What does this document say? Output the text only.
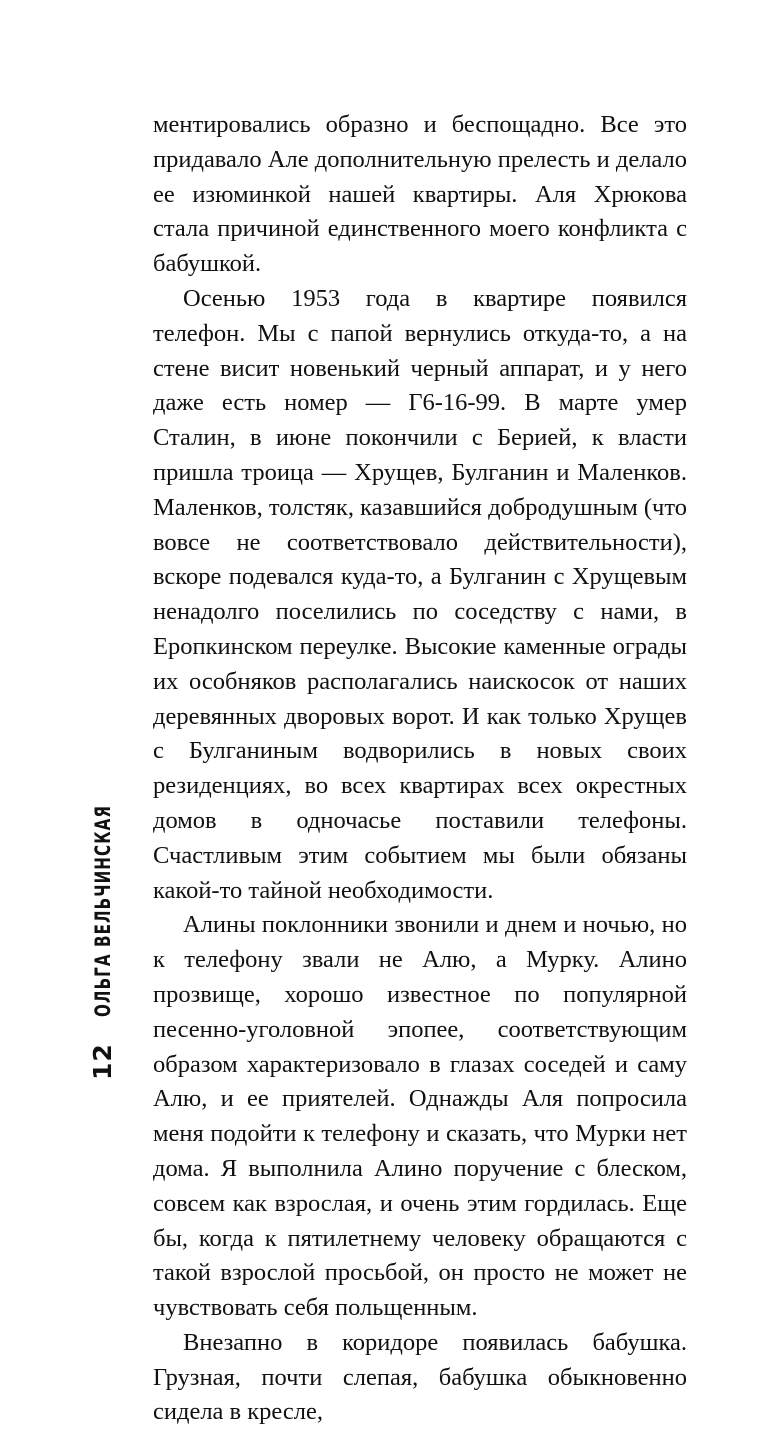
ментировались образно и беспощадно. Все это придавало Але дополнительную прелесть и делало ее изюминкой нашей квартиры. Аля Хрюкова стала причиной единственного моего конфликта с бабушкой.

Осенью 1953 года в квартире появился телефон. Мы с папой вернулись откуда-то, а на стене висит новенький черный аппарат, и у него даже есть номер — Г6-16-99. В марте умер Сталин, в июне покончили с Берией, к власти пришла троица — Хрущев, Булганин и Маленков. Маленков, толстяк, казавшийся добродушным (что вовсе не соответствовало действительности), вскоре подевался куда-то, а Булганин с Хрущевым ненадолго поселились по соседству с нами, в Еропкинском переулке. Высокие каменные ограды их особняков располагались наискосок от наших деревянных дворовых ворот. И как только Хрущев с Булганиным водворились в новых своих резиденциях, во всех квартирах всех окрестных домов в одночасье поставили телефоны. Счастливым этим событием мы были обязаны какой-то тайной необходимости.

Алины поклонники звонили и днем и ночью, но к телефону звали не Алю, а Мурку. Алино прозвище, хорошо известное по популярной песенно-уголовной эпопее, соответствующим образом характеризовало в глазах соседей и саму Алю, и ее приятелей. Однажды Аля попросила меня подойти к телефону и сказать, что Мурки нет дома. Я выполнила Алино поручение с блеском, совсем как взрослая, и очень этим гордилась. Еще бы, когда к пятилетнему человеку обращаются с такой взрослой просьбой, он просто не может не чувствовать себя польщенным.

Внезапно в коридоре появилась бабушка. Грузная, почти слепая, бабушка обыкновенно сидела в кресле,

12
ОЛЬГА ВЕЛЬЧИНСКАЯ
